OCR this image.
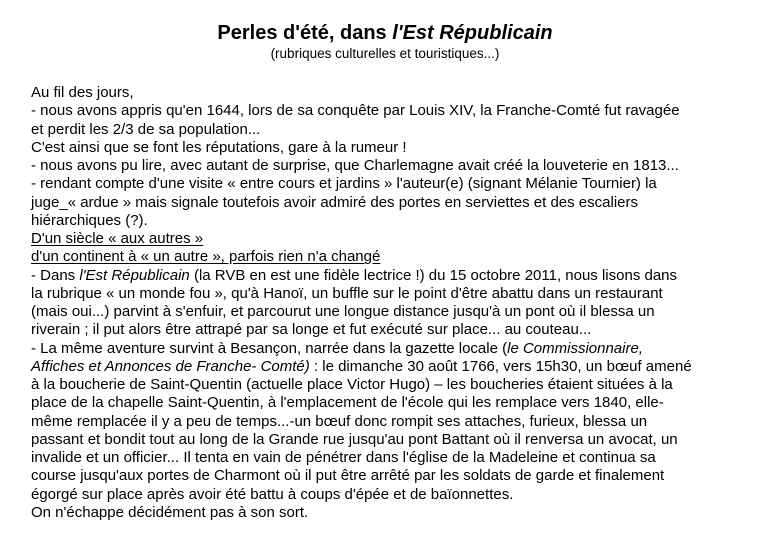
Perles d'été, dans l'Est Républicain
(rubriques culturelles et touristiques...)
Au fil des jours,
- nous avons appris qu'en 1644, lors de sa conquête par Louis XIV, la Franche-Comté fut ravagée
et perdit les 2/3 de sa population...
C'est ainsi que se font les réputations, gare à la rumeur !
- nous avons pu lire, avec autant de surprise, que Charlemagne avait créé la louveterie en 1813...
- rendant compte d'une visite « entre cours et jardins » l'auteur(e) (signant Mélanie Tournier) la
juge_« ardue » mais signale toutefois avoir admiré des portes en serviettes et des escaliers
hiérarchiques (?).
D'un siècle « aux autres »
d'un continent à « un autre », parfois rien n'a changé
- Dans l'Est Républicain (la RVB en est une fidèle lectrice !) du 15 octobre 2011, nous lisons dans
la rubrique « un monde fou », qu'à Hanoï, un buffle sur le point d'être abattu dans un restaurant
(mais oui...) parvint à s'enfuir, et parcourut une longue distance jusqu'à un pont où il blessa un
riverain ; il put alors être attrapé par sa longe et fut exécuté sur place... au couteau...
- La même aventure survint à Besançon, narrée dans la gazette locale (le Commissionnaire,
Affiches et Annonces de Franche- Comté) : le dimanche 30 août 1766, vers 15h30, un bœuf amené
à la boucherie de Saint-Quentin (actuelle place Victor Hugo) – les boucheries étaient situées à la
place de la chapelle Saint-Quentin, à l'emplacement de l'école qui les remplace vers 1840, elle-
même remplacée il y a peu de temps...-un bœuf donc rompit ses attaches, furieux, blessa un
passant et bondit tout au long de la Grande rue jusqu'au pont Battant où il renversa un avocat, un
invalide et un officier... Il tenta en vain de pénétrer dans l'église de la Madeleine et continua sa
course jusqu'aux portes de Charmont où il put être arrêté par les soldats de garde et finalement
égorgé sur place après avoir été battu à coups d'épée et de baïonnettes.
On n'échappe décidément pas à son sort.
